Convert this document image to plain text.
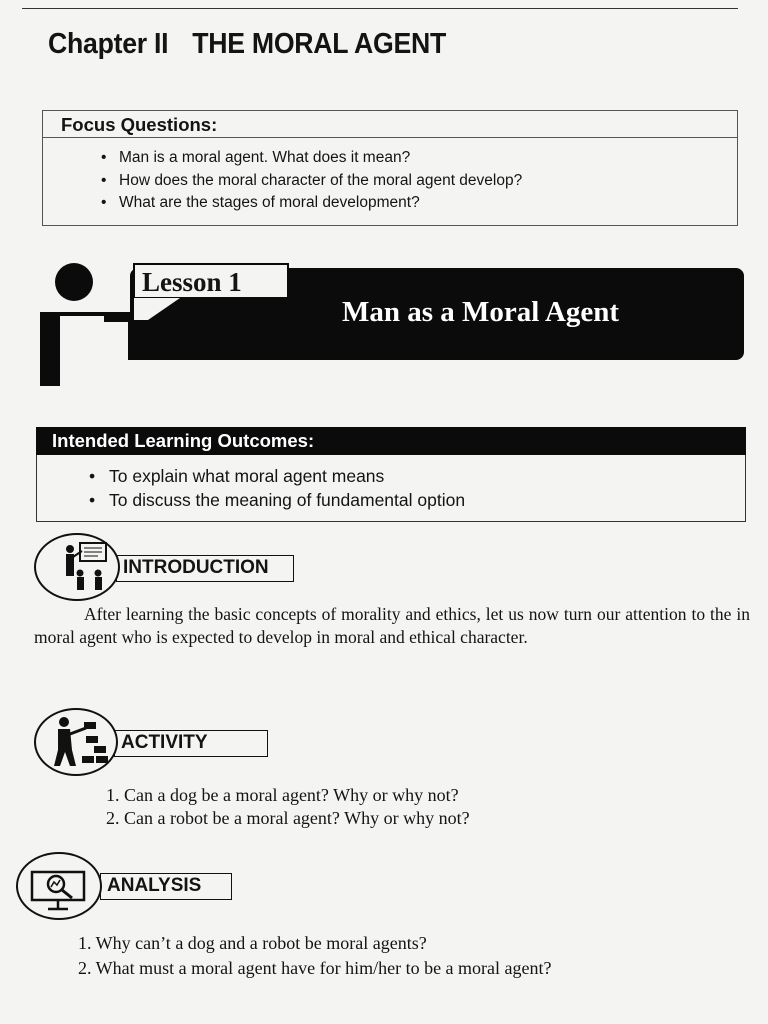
Chapter II THE MORAL AGENT
Focus Questions:
• Man is a moral agent. What does it mean?
• How does the moral character of the moral agent develop?
• What are the stages of moral development?
Lesson 1
Man as a Moral Agent
Intended Learning Outcomes:
• To explain what moral agent means
• To discuss the meaning of fundamental option
INTRODUCTION

After learning the basic concepts of morality and ethics, let us now turn our attention to the in moral agent who is expected to develop in moral and ethical character.

ACTIVITY
1. Can a dog be a moral agent? Why or why not?
2. Can a robot be a moral agent? Why or why not?
ANALYSIS
1. Why can’t a dog and a robot be moral agents?
2. What must a moral agent have for him/her to be a moral agent?
